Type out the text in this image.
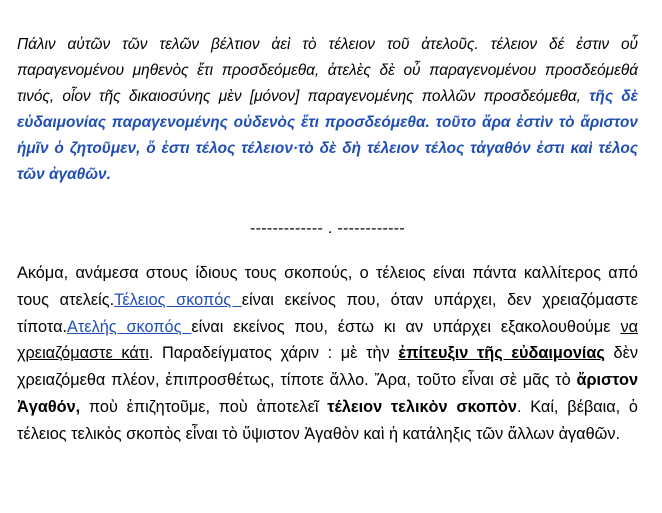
Πάλιν αὐτῶν τῶν τελῶν βέλτιον ἀεὶ τὸ τέλειον τοῦ ἀτελοῦς. τέλειον δέ ἐστιν οὗ παραγενομένου μηθενὸς ἔτι προσδεόμεθα, ἀτελὲς δὲ οὗ παραγενομένου προσδεόμεθά τινός, οἷον τῆς δικαιοσύνης μὲν [μόνον] παραγενομένης πολλῶν προσδεόμεθα, τῆς δὲ εὐδαιμονίας παραγενομένης οὐδενὸς ἔτι προσδεόμεθα. τοῦτο ἄρα ἐστὶν τὸ ἄριστον ἡμῖν ὁ ζητοῦμεν, ὅ ἐστι τέλος τέλειον·τὸ δὲ δὴ τέλειον τέλος τἀγαθόν ἐστι καὶ τέλος τῶν ἀγαθῶν.

------------- . ------------

Ακόμα, ανάμεσα στους ίδιους τους σκοπούς, ο τέλειος είναι πάντα καλλίτερος από τους ατελείς.Τέλειος σκοπός είναι εκείνος που, όταν υπάρχει, δεν χρειαζόμαστε τίποτα.Ατελής σκοπός είναι εκείνος που, έστω κι αν υπάρχει εξακολουθούμε να χρειαζόμαστε κάτι. Παραδείγματος χάριν : μὲ τὴν ἐπίτευξιν τῆς εὐδαιμονίας δὲν χρειαζόμεθα πλέον, ἐπιπροσθέτως, τίποτε ἄλλο. Ἄρα, τοῦτο εἶναι σὲ μᾶς τὸ ἄριστον Ἀγαθόν, ποὺ ἐπιζητοῦμε, ποὺ ἀποτελεῖ τέλειον τελικὸν σκοπὸν. Καί, βέβαια, ὁ τέλειος τελικὸς σκοπὸς εἶναι τὸ ὕψιστον Ἀγαθὸν καὶ ἡ κατάληξις τῶν ἄλλων ἀγαθῶν.
